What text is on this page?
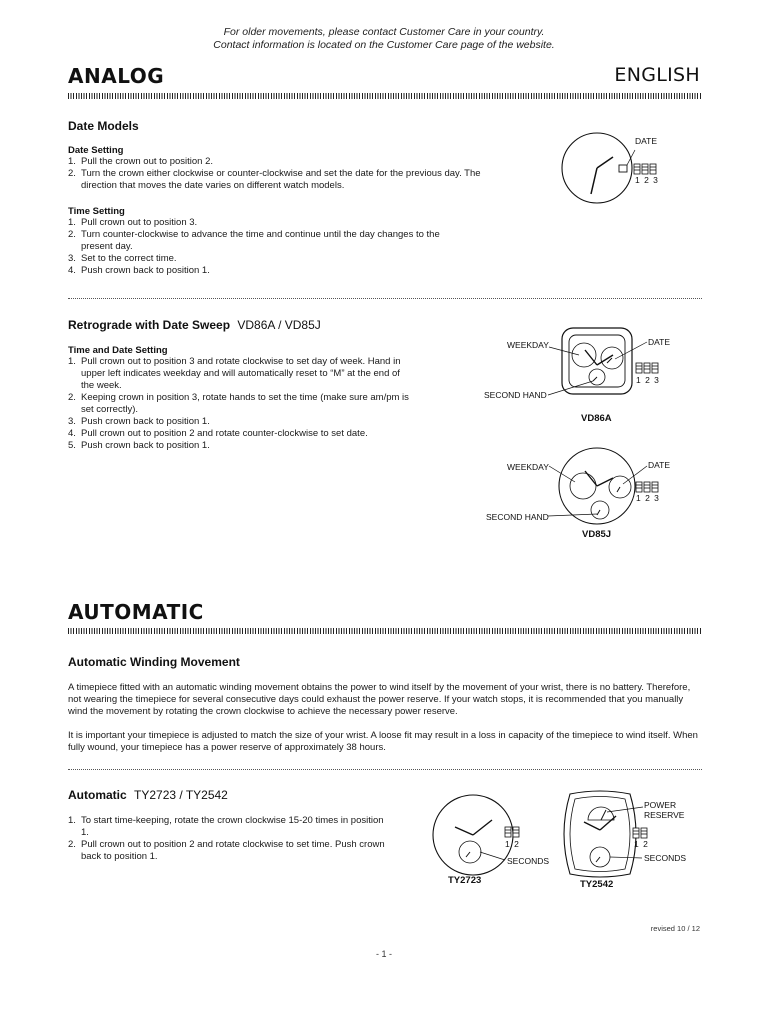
For older movements, please contact Customer Care in your country.
Contact information is located on the Customer Care page of the website.
ANALOG	ENGLISH
Date Models
Date Setting
1. Pull the crown out to position 2.
2. Turn the crown either clockwise or counter-clockwise and set the date for the previous day. The direction that moves the date varies on different watch models.
Time Setting
1. Pull crown out to position 3.
2. Turn counter-clockwise to advance the time and continue until the day changes to the present day.
3. Set to the correct time.
4. Push crown back to position 1.
DATE
1 2 3
Retrograde with Date Sweep VD86A / VD85J
Time and Date Setting
1. Pull crown out to position 3 and rotate clockwise to set day of week. Hand in upper left indicates weekday and will automatically reset to “M” at the end of the week.
2. Keeping crown in position 3, rotate hands to set the time (make sure am/pm is set correctly).
3. Push crown back to position 1.
4. Pull crown out to position 2 and rotate counter-clockwise to set date.
5. Push crown back to position 1.
WEEKDAY	DATE
SECOND HAND
1 2 3
VD86A
WEEKDAY	DATE
SECOND HAND
1 2 3
VD85J
AUTOMATIC
Automatic Winding Movement
A timepiece fitted with an automatic winding movement obtains the power to wind itself by the movement of your wrist, there is no battery. Therefore, not wearing the timepiece for several consecutive days could exhaust the power reserve. If your watch stops, it is recommended that you manually wind the movement by rotating the crown clockwise to achieve the necessary power reserve.
It is important your timepiece is adjusted to match the size of your wrist. A loose fit may result in a loss in capacity of the timepiece to wind itself. When fully wound, your timepiece has a power reserve of approximately 38 hours.
Automatic TY2723 / TY2542
1. To start time-keeping, rotate the crown clockwise 15-20 times in position 1.
2. Pull crown out to position 2 and rotate clockwise to set time. Push crown back to position 1.
1 2
SECONDS
TY2723
POWER
RESERVE
1 2
SECONDS
TY2542
revised 10 / 12
- 1 -
